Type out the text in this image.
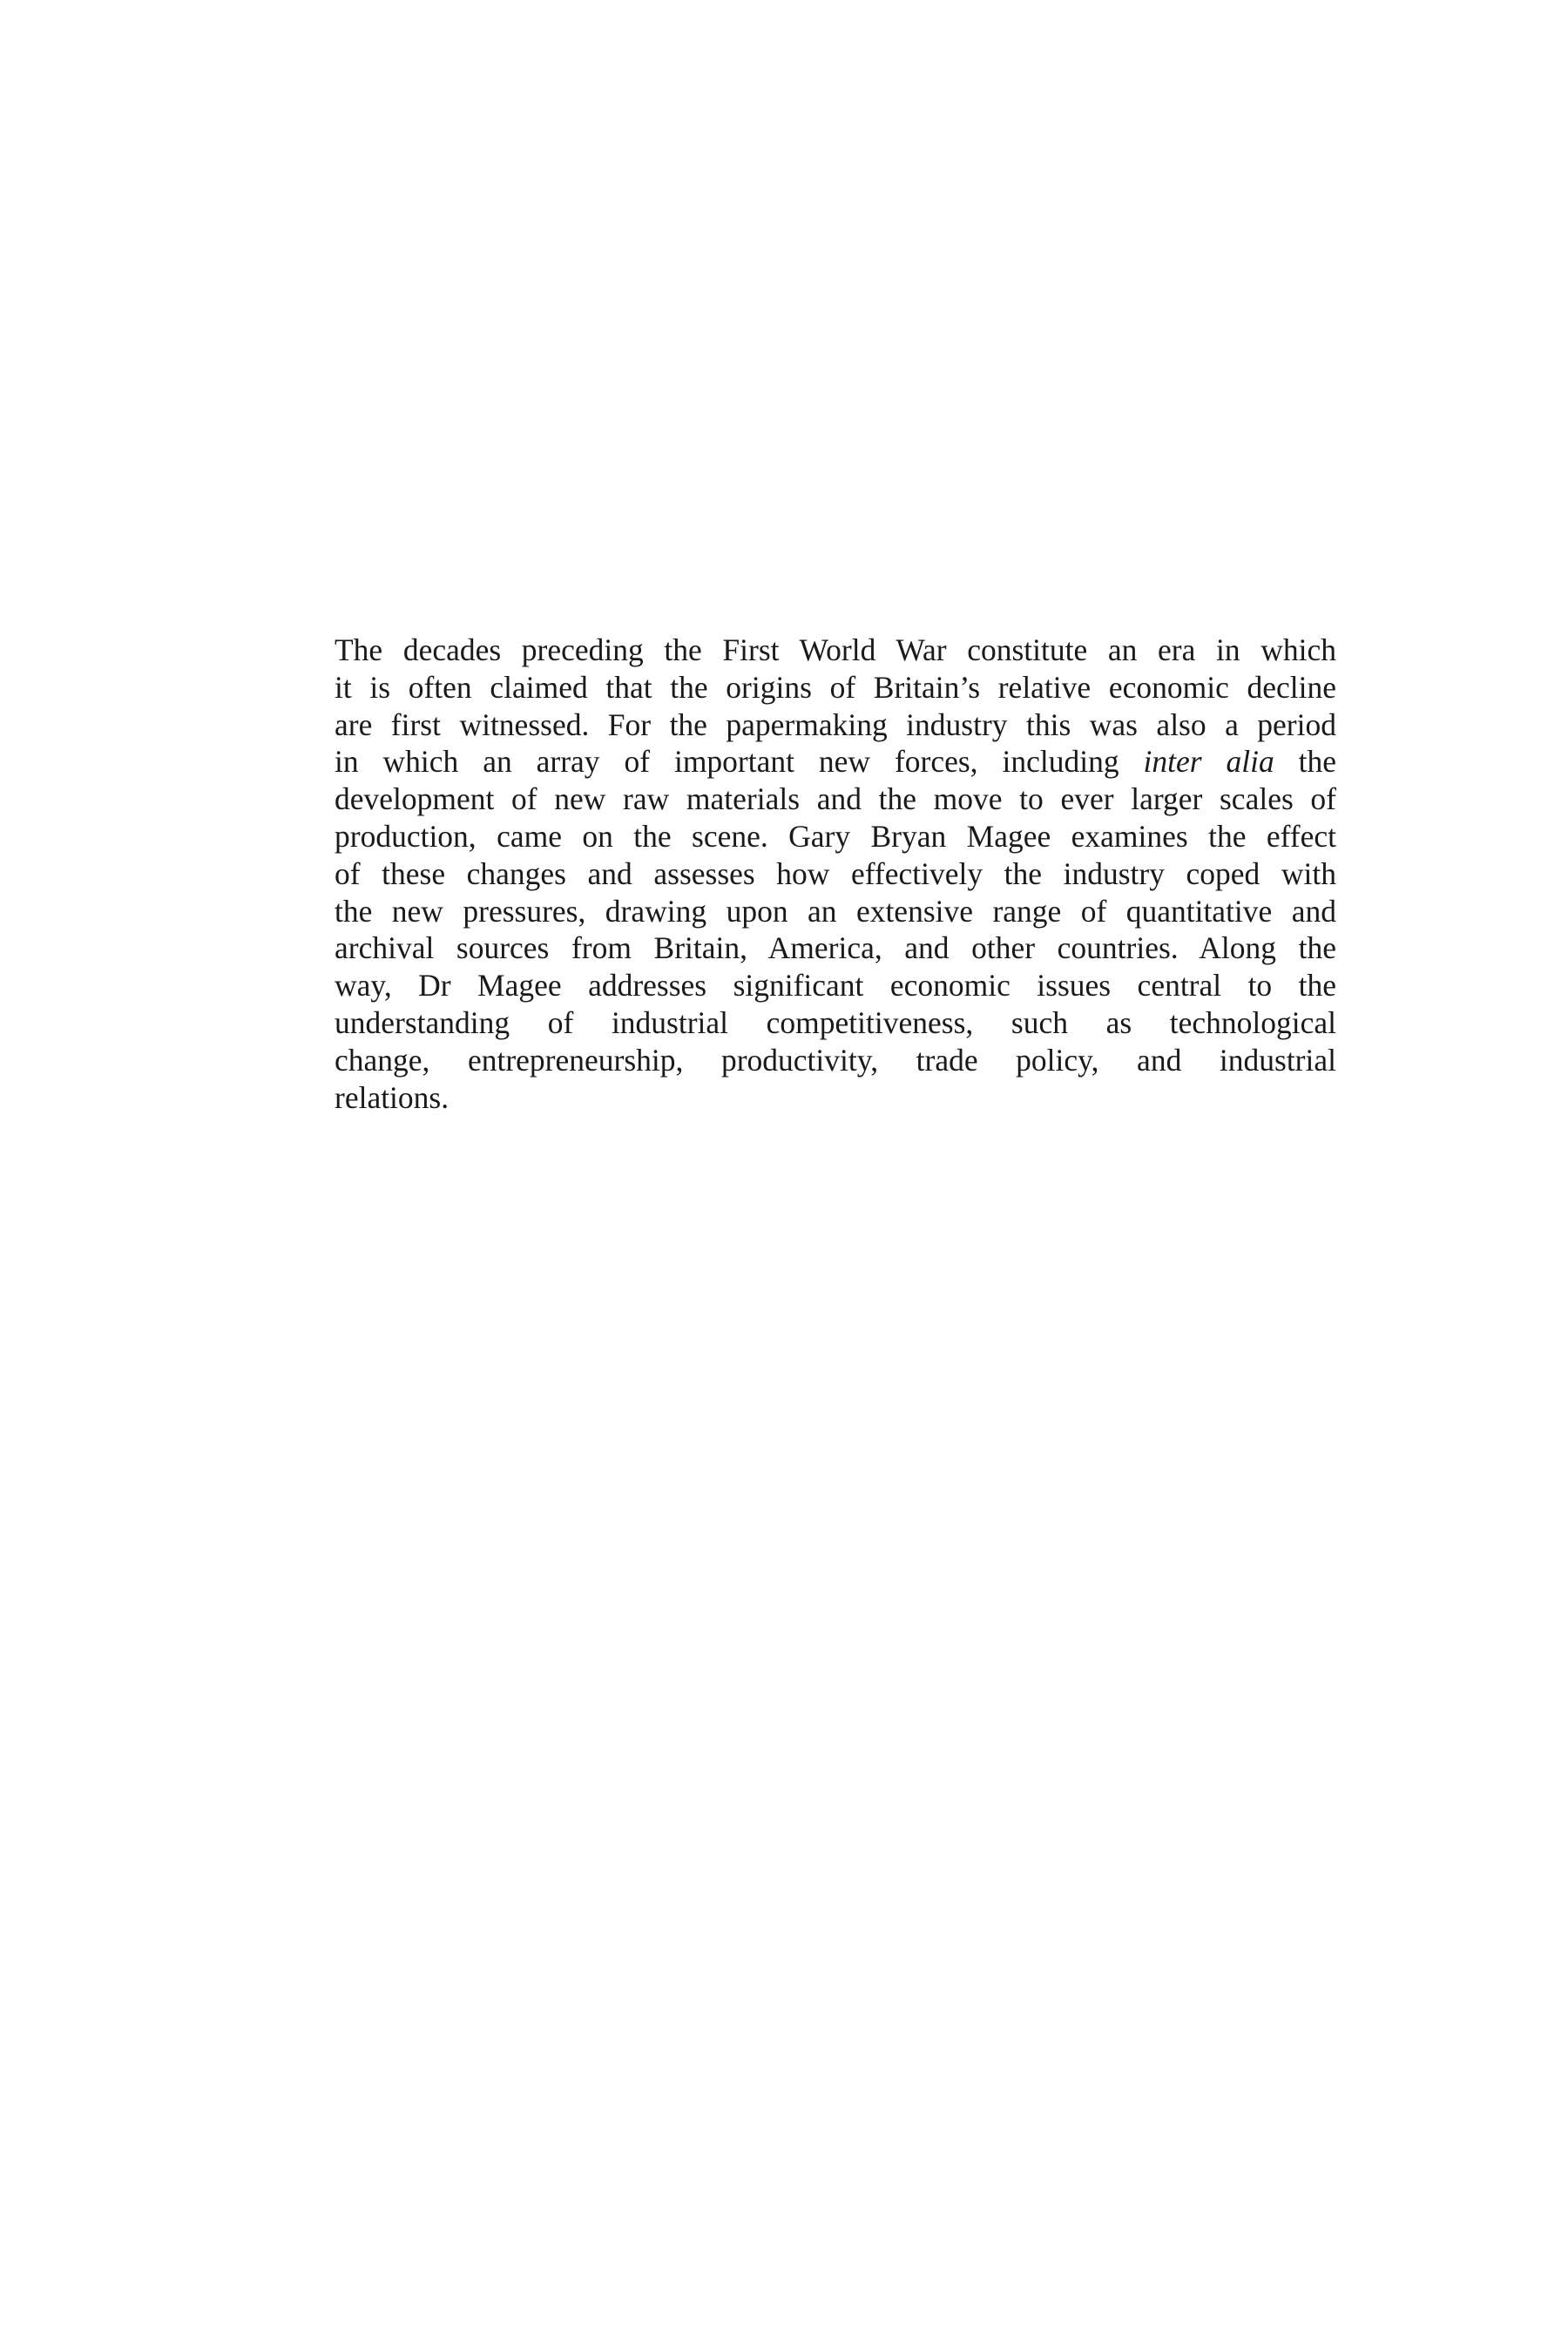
The decades preceding the First World War constitute an era in which
it is often claimed that the origins of Britain’s relative economic decline
are first witnessed. For the papermaking industry this was also a period
in which an array of important new forces, including inter alia the
development of new raw materials and the move to ever larger scales of
production, came on the scene. Gary Bryan Magee examines the effect
of these changes and assesses how effectively the industry coped with
the new pressures, drawing upon an extensive range of quantitative and
archival sources from Britain, America, and other countries. Along the
way, Dr Magee addresses significant economic issues central to the
understanding of industrial competitiveness, such as technological
change, entrepreneurship, productivity, trade policy, and industrial
relations.
